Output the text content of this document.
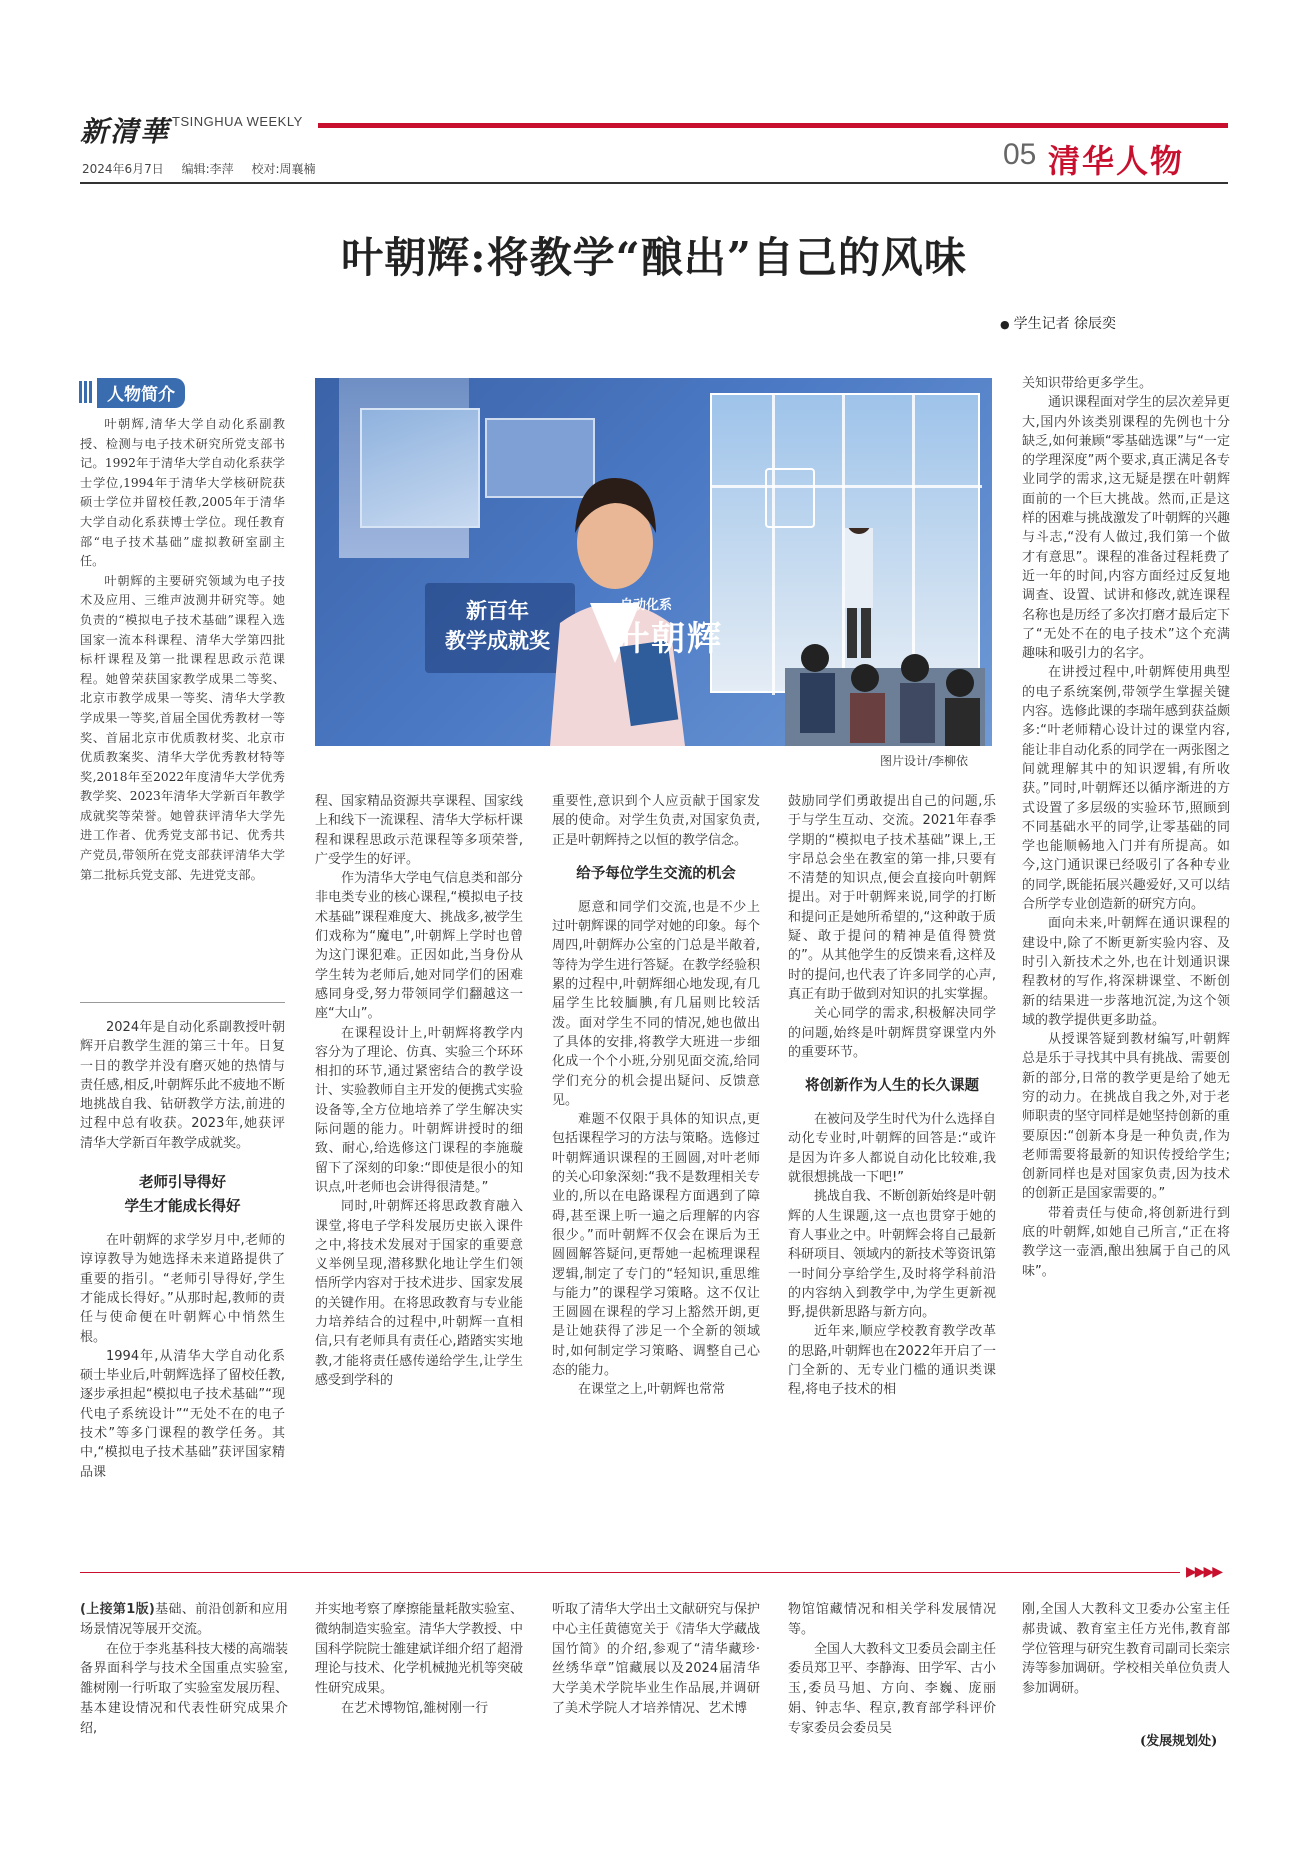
新清華 TSINGHUA WEEKLY
2024年6月7日 编辑:李萍 校对:周襄楠	05 清华人物
叶朝辉:将教学“酿出”自己的风味
● 学生记者 徐辰奕
人物简介

叶朝辉,清华大学自动化系副教授、检测与电子技术研究所党支部书记。1992年于清华大学自动化系获学士学位,1994年于清华大学核研院获硕士学位并留校任教,2005年于清华大学自动化系获博士学位。现任教育部“电子技术基础”虚拟教研室副主任。

叶朝辉的主要研究领域为电子技术及应用、三维声波测井研究等。她负责的“模拟电子技术基础”课程入选国家一流本科课程、清华大学第四批标杆课程及第一批课程思政示范课程。她曾荣获国家教学成果二等奖、北京市教学成果一等奖、清华大学教学成果一等奖,首届全国优秀教材一等奖、首届北京市优质教材奖、北京市优质教案奖、清华大学优秀教材特等奖,2018年至2022年度清华大学优秀教学奖、2023年清华大学新百年教学成就奖等荣誉。她曾获评清华大学先进工作者、优秀党支部书记、优秀共产党员,带领所在党支部获评清华大学第二批标兵党支部、先进党支部。

2024年是自动化系副教授叶朝辉开启教学生涯的第三十年。日复一日的教学并没有磨灭她的热情与责任感,相反,叶朝辉乐此不疲地不断地挑战自我、钻研教学方法,前进的过程中总有收获。2023年,她获评清华大学新百年教学成就奖。

老师引导得好
学生才能成长得好

在叶朝辉的求学岁月中,老师的谆谆教导为她选择未来道路提供了重要的指引。“老师引导得好,学生才能成长得好。”从那时起,教师的责任与使命便在叶朝辉心中悄然生根。

1994年,从清华大学自动化系硕士毕业后,叶朝辉选择了留校任教,逐步承担起“模拟电子技术基础”“现代电子系统设计”“无处不在的电子技术”等多门课程的教学任务。其中,“模拟电子技术基础”获评国家精品课

新百年
教学成就奖
自动化系
叶朝辉
图片设计/李柳依

程、国家精品资源共享课程、国家线上和线下一流课程、清华大学标杆课程和课程思政示范课程等多项荣誉,广受学生的好评。

作为清华大学电气信息类和部分非电类专业的核心课程,“模拟电子技术基础”课程难度大、挑战多,被学生们戏称为“魔电”,叶朝辉上学时也曾为这门课犯难。正因如此,当身份从学生转为老师后,她对同学们的困难感同身受,努力带领同学们翻越这一座“大山”。

在课程设计上,叶朝辉将教学内容分为了理论、仿真、实验三个环环相扣的环节,通过紧密结合的教学设计、实验教师自主开发的便携式实验设备等,全方位地培养了学生解决实际问题的能力。叶朝辉讲授时的细致、耐心,给选修这门课程的李施璇留下了深刻的印象:“即使是很小的知识点,叶老师也会讲得很清楚。”

同时,叶朝辉还将思政教育融入课堂,将电子学科发展历史嵌入课件之中,将技术发展对于国家的重要意义举例呈现,潜移默化地让学生们领悟所学内容对于技术进步、国家发展的关键作用。在将思政教育与专业能力培养结合的过程中,叶朝辉一直相信,只有老师具有责任心,踏踏实实地教,才能将责任感传递给学生,让学生感受到学科的

重要性,意识到个人应贡献于国家发展的使命。对学生负责,对国家负责,正是叶朝辉持之以恒的教学信念。

给予每位学生交流的机会

愿意和同学们交流,也是不少上过叶朝辉课的同学对她的印象。每个周四,叶朝辉办公室的门总是半敞着,等待为学生进行答疑。在教学经验积累的过程中,叶朝辉细心地发现,有几届学生比较腼腆,有几届则比较活泼。面对学生不同的情况,她也做出了具体的安排,将教学大班进一步细化成一个个小班,分别见面交流,给同学们充分的机会提出疑问、反馈意见。

难题不仅限于具体的知识点,更包括课程学习的方法与策略。选修过叶朝辉通识课程的王圆圆,对叶老师的关心印象深刻:“我不是数理相关专业的,所以在电路课程方面遇到了障碍,甚至课上听一遍之后理解的内容很少。”而叶朝辉不仅会在课后为王圆圆解答疑问,更帮她一起梳理课程逻辑,制定了专门的“轻知识,重思维与能力”的课程学习策略。这不仅让王圆圆在课程的学习上豁然开朗,更是让她获得了涉足一个全新的领域时,如何制定学习策略、调整自己心态的能力。

在课堂之上,叶朝辉也常常

鼓励同学们勇敢提出自己的问题,乐于与学生互动、交流。2021年春季学期的“模拟电子技术基础”课上,王宇昂总会坐在教室的第一排,只要有不清楚的知识点,便会直接向叶朝辉提出。对于叶朝辉来说,同学的打断和提问正是她所希望的,“这种敢于质疑、敢于提问的精神是值得赞赏的”。从其他学生的反馈来看,这样及时的提问,也代表了许多同学的心声,真正有助于做到对知识的扎实掌握。

关心同学的需求,积极解决同学的问题,始终是叶朝辉贯穿课堂内外的重要环节。

将创新作为人生的长久课题

在被问及学生时代为什么选择自动化专业时,叶朝辉的回答是:“或许是因为许多人都说自动化比较难,我就很想挑战一下吧!”

挑战自我、不断创新始终是叶朝辉的人生课题,这一点也贯穿于她的育人事业之中。叶朝辉会将自己最新科研项目、领域内的新技术等资讯第一时间分享给学生,及时将学科前沿的内容纳入到教学中,为学生更新视野,提供新思路与新方向。

近年来,顺应学校教育教学改革的思路,叶朝辉也在2022年开启了一门全新的、无专业门槛的通识类课程,将电子技术的相

关知识带给更多学生。

通识课程面对学生的层次差异更大,国内外该类别课程的先例也十分缺乏,如何兼顾“零基础选课”与“一定的学理深度”两个要求,真正满足各专业同学的需求,这无疑是摆在叶朝辉面前的一个巨大挑战。然而,正是这样的困难与挑战激发了叶朝辉的兴趣与斗志,“没有人做过,我们第一个做才有意思”。课程的准备过程耗费了近一年的时间,内容方面经过反复地调查、设置、试讲和修改,就连课程名称也是历经了多次打磨才最后定下了“无处不在的电子技术”这个充满趣味和吸引力的名字。

在讲授过程中,叶朝辉使用典型的电子系统案例,带领学生掌握关键内容。选修此课的李瑞年感到获益颇多:“叶老师精心设计过的课堂内容,能让非自动化系的同学在一两张图之间就理解其中的知识逻辑,有所收获。”同时,叶朝辉还以循序渐进的方式设置了多层级的实验环节,照顾到不同基础水平的同学,让零基础的同学也能顺畅地入门并有所提高。如今,这门通识课已经吸引了各种专业的同学,既能拓展兴趣爱好,又可以结合所学专业创造新的研究方向。

面向未来,叶朝辉在通识课程的建设中,除了不断更新实验内容、及时引入新技术之外,也在计划通识课程教材的写作,将深耕课堂、不断创新的结果进一步落地沉淀,为这个领域的教学提供更多助益。

从授课答疑到教材编写,叶朝辉总是乐于寻找其中具有挑战、需要创新的部分,日常的教学更是给了她无穷的动力。在挑战自我之外,对于老师职责的坚守同样是她坚持创新的重要原因:“创新本身是一种负责,作为老师需要将最新的知识传授给学生;创新同样也是对国家负责,因为技术的创新正是国家需要的。”

带着责任与使命,将创新进行到底的叶朝辉,如她自己所言,“正在将教学这一壶酒,酿出独属于自己的风味”。

▶▶▶▶

(上接第1版)基础、前沿创新和应用场景情况等展开交流。

在位于李兆基科技大楼的高端装备界面科学与技术全国重点实验室,雒树刚一行听取了实验室发展历程、基本建设情况和代表性研究成果介绍,

并实地考察了摩擦能量耗散实验室、微纳制造实验室。清华大学教授、中国科学院院士雒建斌详细介绍了超滑理论与技术、化学机械抛光机等突破性研究成果。

在艺术博物馆,雒树刚一行

听取了清华大学出土文献研究与保护中心主任黄德宽关于《清华大学藏战国竹简》的介绍,参观了“清华藏珍·丝绣华章”馆藏展以及2024届清华大学美术学院毕业生作品展,并调研了美术学院人才培养情况、艺术博

物馆馆藏情况和相关学科发展情况等。

全国人大教科文卫委员会副主任委员郑卫平、李静海、田学军、古小玉,委员马旭、方向、李巍、庞丽娟、钟志华、程京,教育部学科评价专家委员会委员吴

刚,全国人大教科文卫委办公室主任郝贵诚、教育室主任方光伟,教育部学位管理与研究生教育司副司长栾宗涛等参加调研。学校相关单位负责人参加调研。

(发展规划处)
